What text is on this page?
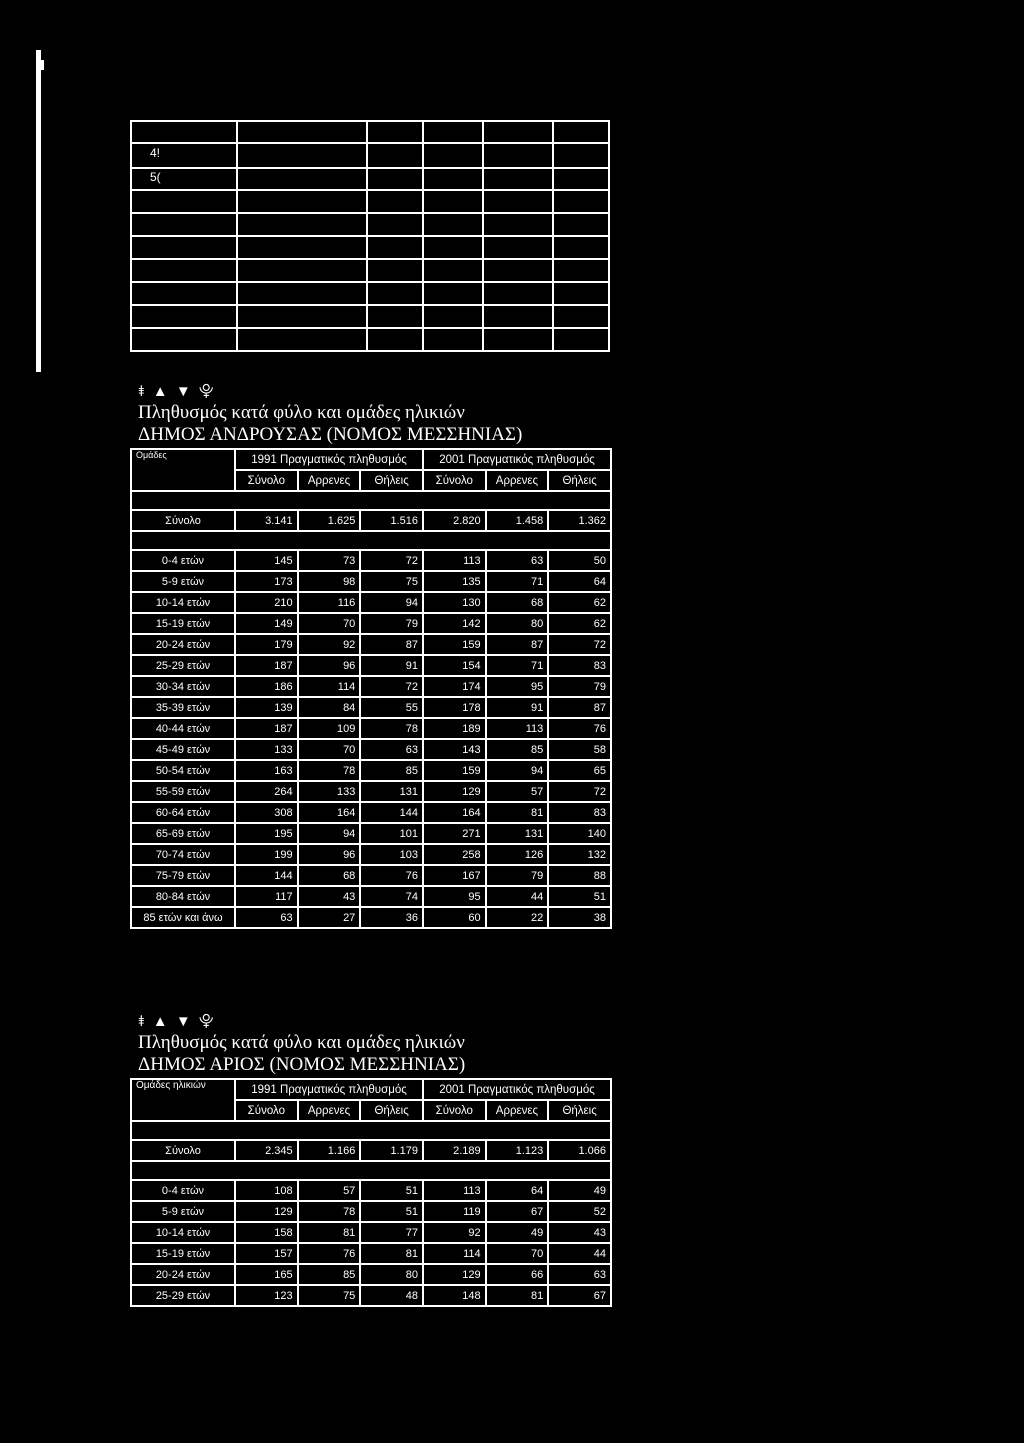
4!
5(
⯒ ▲ ▼ ⯓
Πληθυσμός κατά φύλο και ομάδες ηλικιών
ΔΗΜΟΣ ΑΝΔΡΟΥΣΑΣ (ΝΟΜΟΣ ΜΕΣΣΗΝΙΑΣ)
Ομάδες	1991 Πραγματικός πληθυσμός			2001 Πραγματικός πληθυσμός		
	Σύνολο	Αρρενες	Θήλεις	Σύνολο	Αρρενες	Θήλεις

Σύνολο	3.141	1.625	1.516	2.820	1.458	1.362

0-4 ετών	145	73	72	113	63	50
5-9 ετών	173	98	75	135	71	64
10-14 ετών	210	116	94	130	68	62
15-19 ετών	149	70	79	142	80	62
20-24 ετών	179	92	87	159	87	72
25-29 ετών	187	96	91	154	71	83
30-34 ετών	186	114	72	174	95	79
35-39 ετών	139	84	55	178	91	87
40-44 ετών	187	109	78	189	113	76
45-49 ετών	133	70	63	143	85	58
50-54 ετών	163	78	85	159	94	65
55-59 ετών	264	133	131	129	57	72
60-64 ετών	308	164	144	164	81	83
65-69 ετών	195	94	101	271	131	140
70-74 ετών	199	96	103	258	126	132
75-79 ετών	144	68	76	167	79	88
80-84 ετών	117	43	74	95	44	51
85 ετών και άνω	63	27	36	60	22	38
⯒ ▲ ▼ ⯓
Πληθυσμός κατά φύλο και ομάδες ηλικιών
ΔΗΜΟΣ ΑΡΙΟΣ (ΝΟΜΟΣ ΜΕΣΣΗΝΙΑΣ)
Ομάδες ηλικιών	1991 Πραγματικός πληθυσμός			2001 Πραγματικός πληθυσμός		
	Σύνολο	Αρρενες	Θήλεις	Σύνολο	Αρρενες	Θήλεις

Σύνολο	2.345	1.166	1.179	2.189	1.123	1.066

0-4 ετών	108	57	51	113	64	49
5-9 ετών	129	78	51	119	67	52
10-14 ετών	158	81	77	92	49	43
15-19 ετών	157	76	81	114	70	44
20-24 ετών	165	85	80	129	66	63
25-29 ετών	123	75	48	148	81	67
